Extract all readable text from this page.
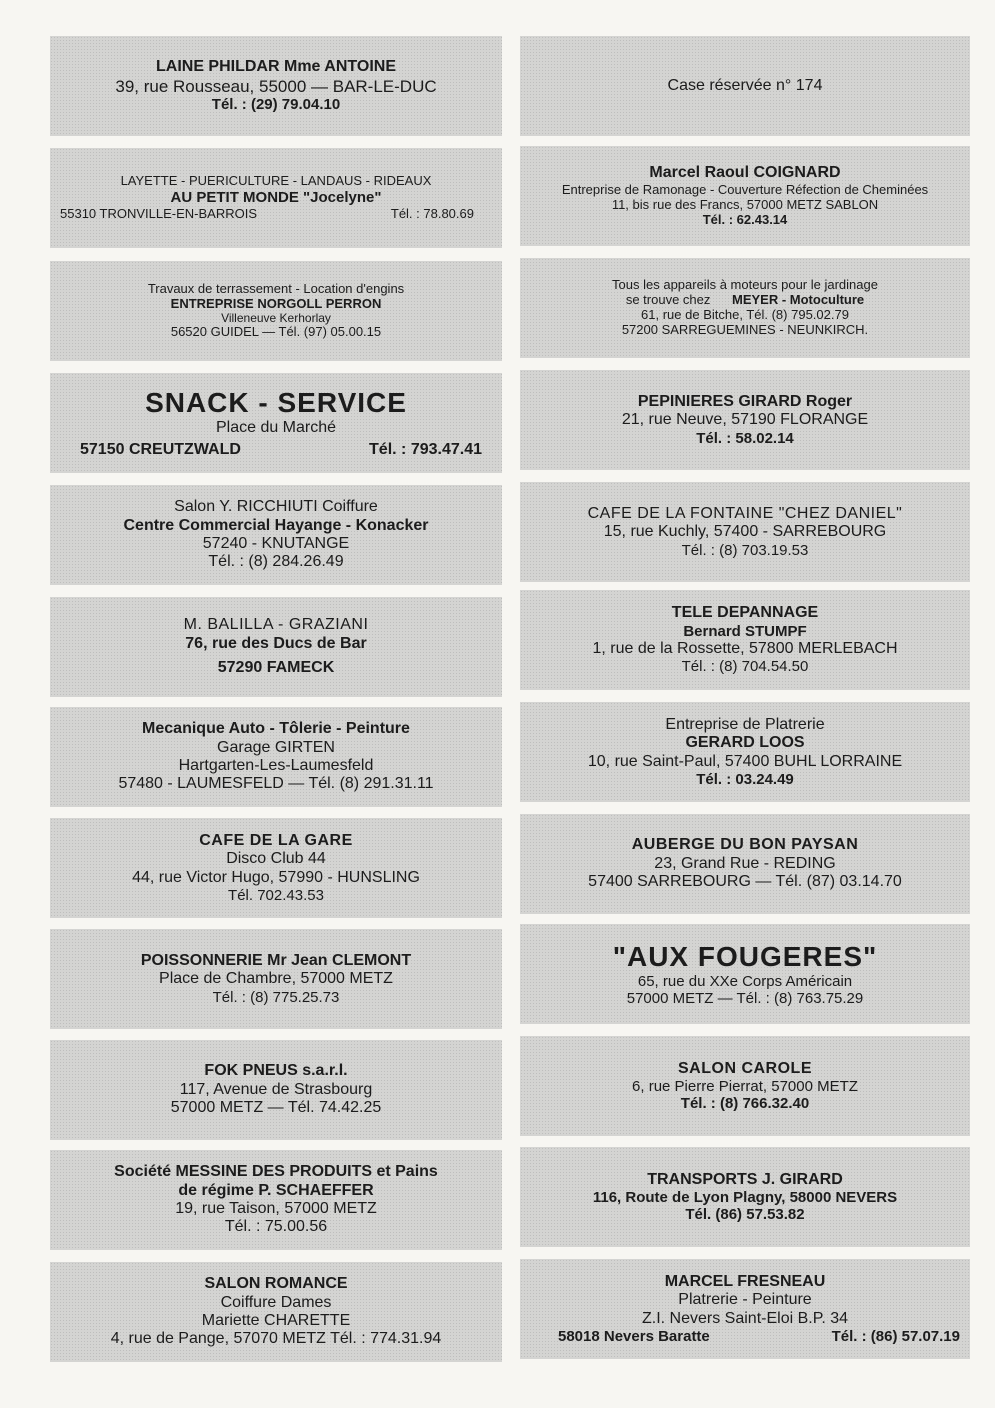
LAINE PHILDAR Mme ANTOINE
39, rue Rousseau, 55000 — BAR-LE-DUC
Tél. : (29) 79.04.10
LAYETTE - PUERICULTURE - LANDAUS - RIDEAUX
AU PETIT MONDE "Jocelyne"
55310 TRONVILLE-EN-BARROIS	Tél. : 78.80.69
Travaux de terrassement - Location d'engins
ENTREPRISE NORGOLL PERRON
Villeneuve Kerhorlay
56520 GUIDEL — Tél. (97) 05.00.15
SNACK - SERVICE
Place du Marché
57150 CREUTZWALD	Tél. : 793.47.41
Salon Y. RICCHIUTI Coiffure
Centre Commercial Hayange - Konacker
57240 - KNUTANGE
Tél. : (8) 284.26.49
M. BALILLA - GRAZIANI
76, rue des Ducs de Bar
57290 FAMECK
Mecanique Auto - Tôlerie - Peinture
Garage GIRTEN
Hartgarten-Les-Laumesfeld
57480 - LAUMESFELD — Tél. (8) 291.31.11
CAFE DE LA GARE
Disco Club 44
44, rue Victor Hugo, 57990 - HUNSLING
Tél. 702.43.53
POISSONNERIE Mr Jean CLEMONT
Place de Chambre, 57000 METZ
Tél. : (8) 775.25.73
FOK PNEUS s.a.r.l.
117, Avenue de Strasbourg
57000 METZ — Tél. 74.42.25
Société MESSINE DES PRODUITS et Pains
de régime P. SCHAEFFER
19, rue Taison, 57000 METZ
Tél. : 75.00.56
SALON ROMANCE
Coiffure Dames
Mariette CHARETTE
4, rue de Pange, 57070 METZ Tél. : 774.31.94
Case réservée n° 174
Marcel Raoul COIGNARD
Entreprise de Ramonage - Couverture Réfection de Cheminées
11, bis rue des Francs, 57000 METZ SABLON
Tél. : 62.43.14
Tous les appareils à moteurs pour le jardinage
se trouve chez MEYER - Motoculture
61, rue de Bitche, Tél. (8) 795.02.79
57200 SARREGUEMINES - NEUNKIRCH.
PEPINIERES GIRARD Roger
21, rue Neuve, 57190 FLORANGE
Tél. : 58.02.14
CAFE DE LA FONTAINE "CHEZ DANIEL"
15, rue Kuchly, 57400 - SARREBOURG
Tél. : (8) 703.19.53
TELE DEPANNAGE
Bernard STUMPF
1, rue de la Rossette, 57800 MERLEBACH
Tél. : (8) 704.54.50
Entreprise de Platrerie
GERARD LOOS
10, rue Saint-Paul, 57400 BUHL LORRAINE
Tél. : 03.24.49
AUBERGE DU BON PAYSAN
23, Grand Rue - REDING
57400 SARREBOURG — Tél. (87) 03.14.70
"AUX FOUGERES"
65, rue du XXe Corps Américain
57000 METZ — Tél. : (8) 763.75.29
SALON CAROLE
6, rue Pierre Pierrat, 57000 METZ
Tél. : (8) 766.32.40
TRANSPORTS J. GIRARD
116, Route de Lyon Plagny, 58000 NEVERS
Tél. (86) 57.53.82
MARCEL FRESNEAU
Platrerie - Peinture
Z.I. Nevers Saint-Eloi B.P. 34
58018 Nevers Baratte	Tél. : (86) 57.07.19
